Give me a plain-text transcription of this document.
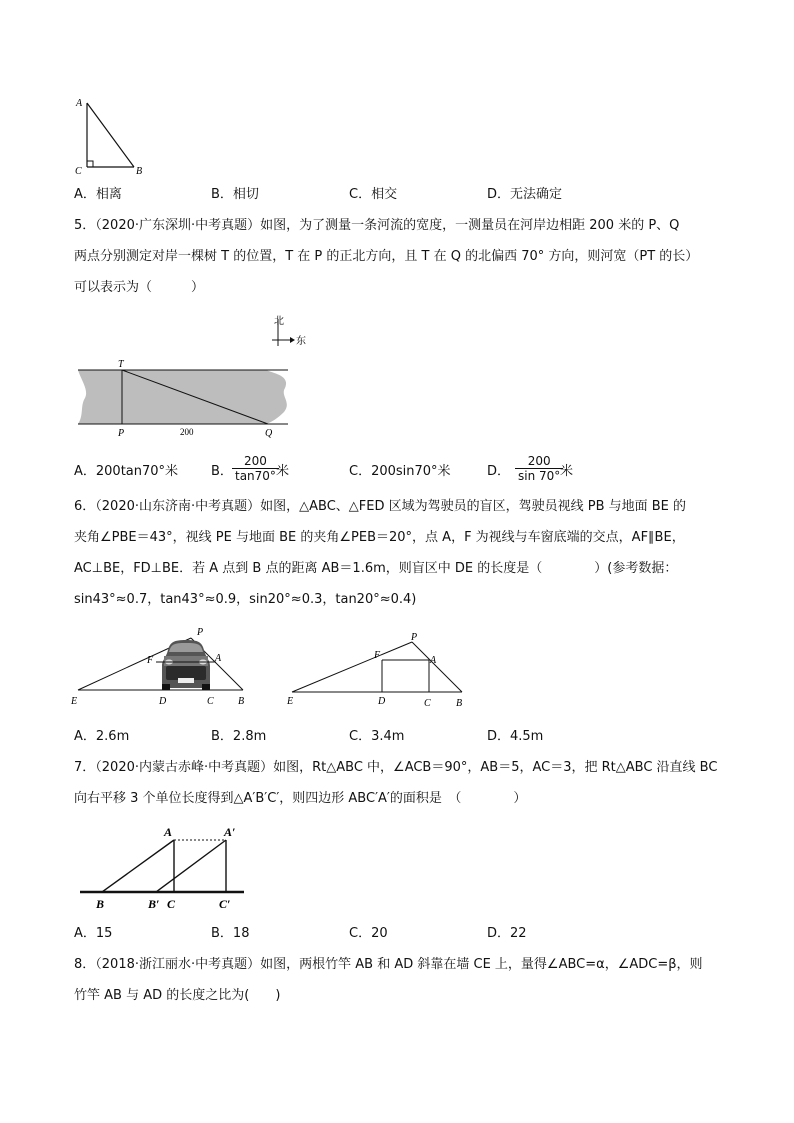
A
C	B
A．相离	B．相切	C．相交	D．无法确定
5．（2020·广东深圳·中考真题）如图，为了测量一条河流的宽度，一测量员在河岸边相距 200 米的 P、Q
两点分别测定对岸一棵树 T 的位置，T 在 P 的正北方向，且 T 在 Q 的北偏西 70° 方向，则河宽（PT 的长）
可以表示为（　　　）
北
东
T
P	Q
200
A．200tan70°米	B． $\frac{200}{\tan 70^\circ}$
米	C．200sin70°米	D． $\frac{200}{\sin 70^\circ}$
米
6．（2020·山东济南·中考真题）如图，△ABC、△FED 区域为驾驶员的盲区，驾驶员视线 PB 与地面 BE 的
夹角∠PBE＝43°，视线 PE 与地面 BE 的夹角∠PEB＝20°，点 A，F 为视线与车窗底端的交点，AF∥BE，
AC⊥BE，FD⊥BE．若 A 点到 B 点的距离 AB＝1.6m，则盲区中 DE 的长度是（　　　　）(参考数据：
sin43°≈0.7，tan43°≈0.9，sin20°≈0.3，tan20°≈0.4)
P
F	A
E	D	C B
P
F	A
E	D	C	B
A．2.6m	B．2.8m	C．3.4m	D．4.5m
7．（2020·内蒙古赤峰·中考真题）如图，Rt△ABC 中，∠ACB＝90°，AB＝5，AC＝3，把 Rt△ABC 沿直线 BC
向右平移 3 个单位长度得到△A′B′C′，则四边形 ABC′A′的面积是　（　　　　）
A	A′
B	B′ C	C′
A．15	B．18	C．20	D．22
8．（2018·浙江丽水·中考真题）如图，两根竹竿 AB 和 AD 斜靠在墙 CE 上，量得∠ABC=α，∠ADC=β，则
竹竿 AB 与 AD 的长度之比为(　　)
